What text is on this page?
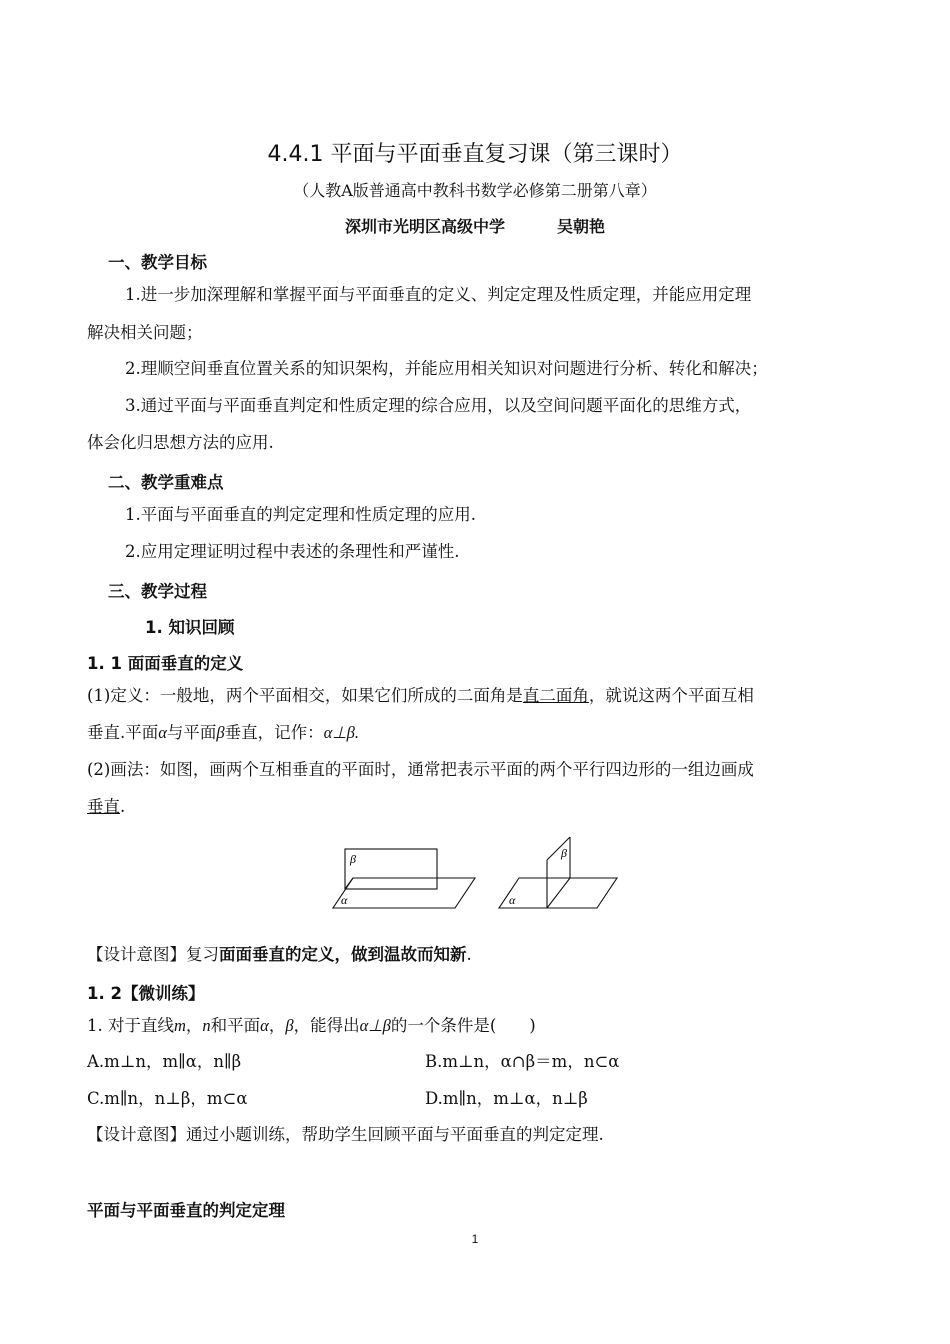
4.4.1 平面与平面垂直复习课（第三课时）
（人教A版普通高中教科书数学必修第二册第八章）
深圳市光明区高级中学	吴朝艳
一、教学目标
1.进一步加深理解和掌握平面与平面垂直的定义、判定定理及性质定理，并能应用定理
解决相关问题；
2.理顺空间垂直位置关系的知识架构，并能应用相关知识对问题进行分析、转化和解决；
3.通过平面与平面垂直判定和性质定理的综合应用，以及空间问题平面化的思维方式，
体会化归思想方法的应用.
二、教学重难点
1.平面与平面垂直的判定定理和性质定理的应用.
2.应用定理证明过程中表述的条理性和严谨性.
三、教学过程
1. 知识回顾
1. 1 面面垂直的定义
(1)定义：一般地，两个平面相交，如果它们所成的二面角是直二面角，就说这两个平面互相
垂直.平面α与平面β垂直，记作：α⊥β.
(2)画法：如图，画两个互相垂直的平面时，通常把表示平面的两个平行四边形的一组边画成
垂直.
β
α
β
α
【设计意图】复习面面垂直的定义，做到温故而知新.
1. 2【微训练】
1. 对于直线m，n和平面α，β，能得出α⊥β的一个条件是(　　)
A.m⊥n，m∥α，n∥β	B.m⊥n，α∩β＝m，n⊂α
C.m∥n，n⊥β，m⊂α	D.m∥n，m⊥α，n⊥β
【设计意图】通过小题训练，帮助学生回顾平面与平面垂直的判定定理.
平面与平面垂直的判定定理
1
